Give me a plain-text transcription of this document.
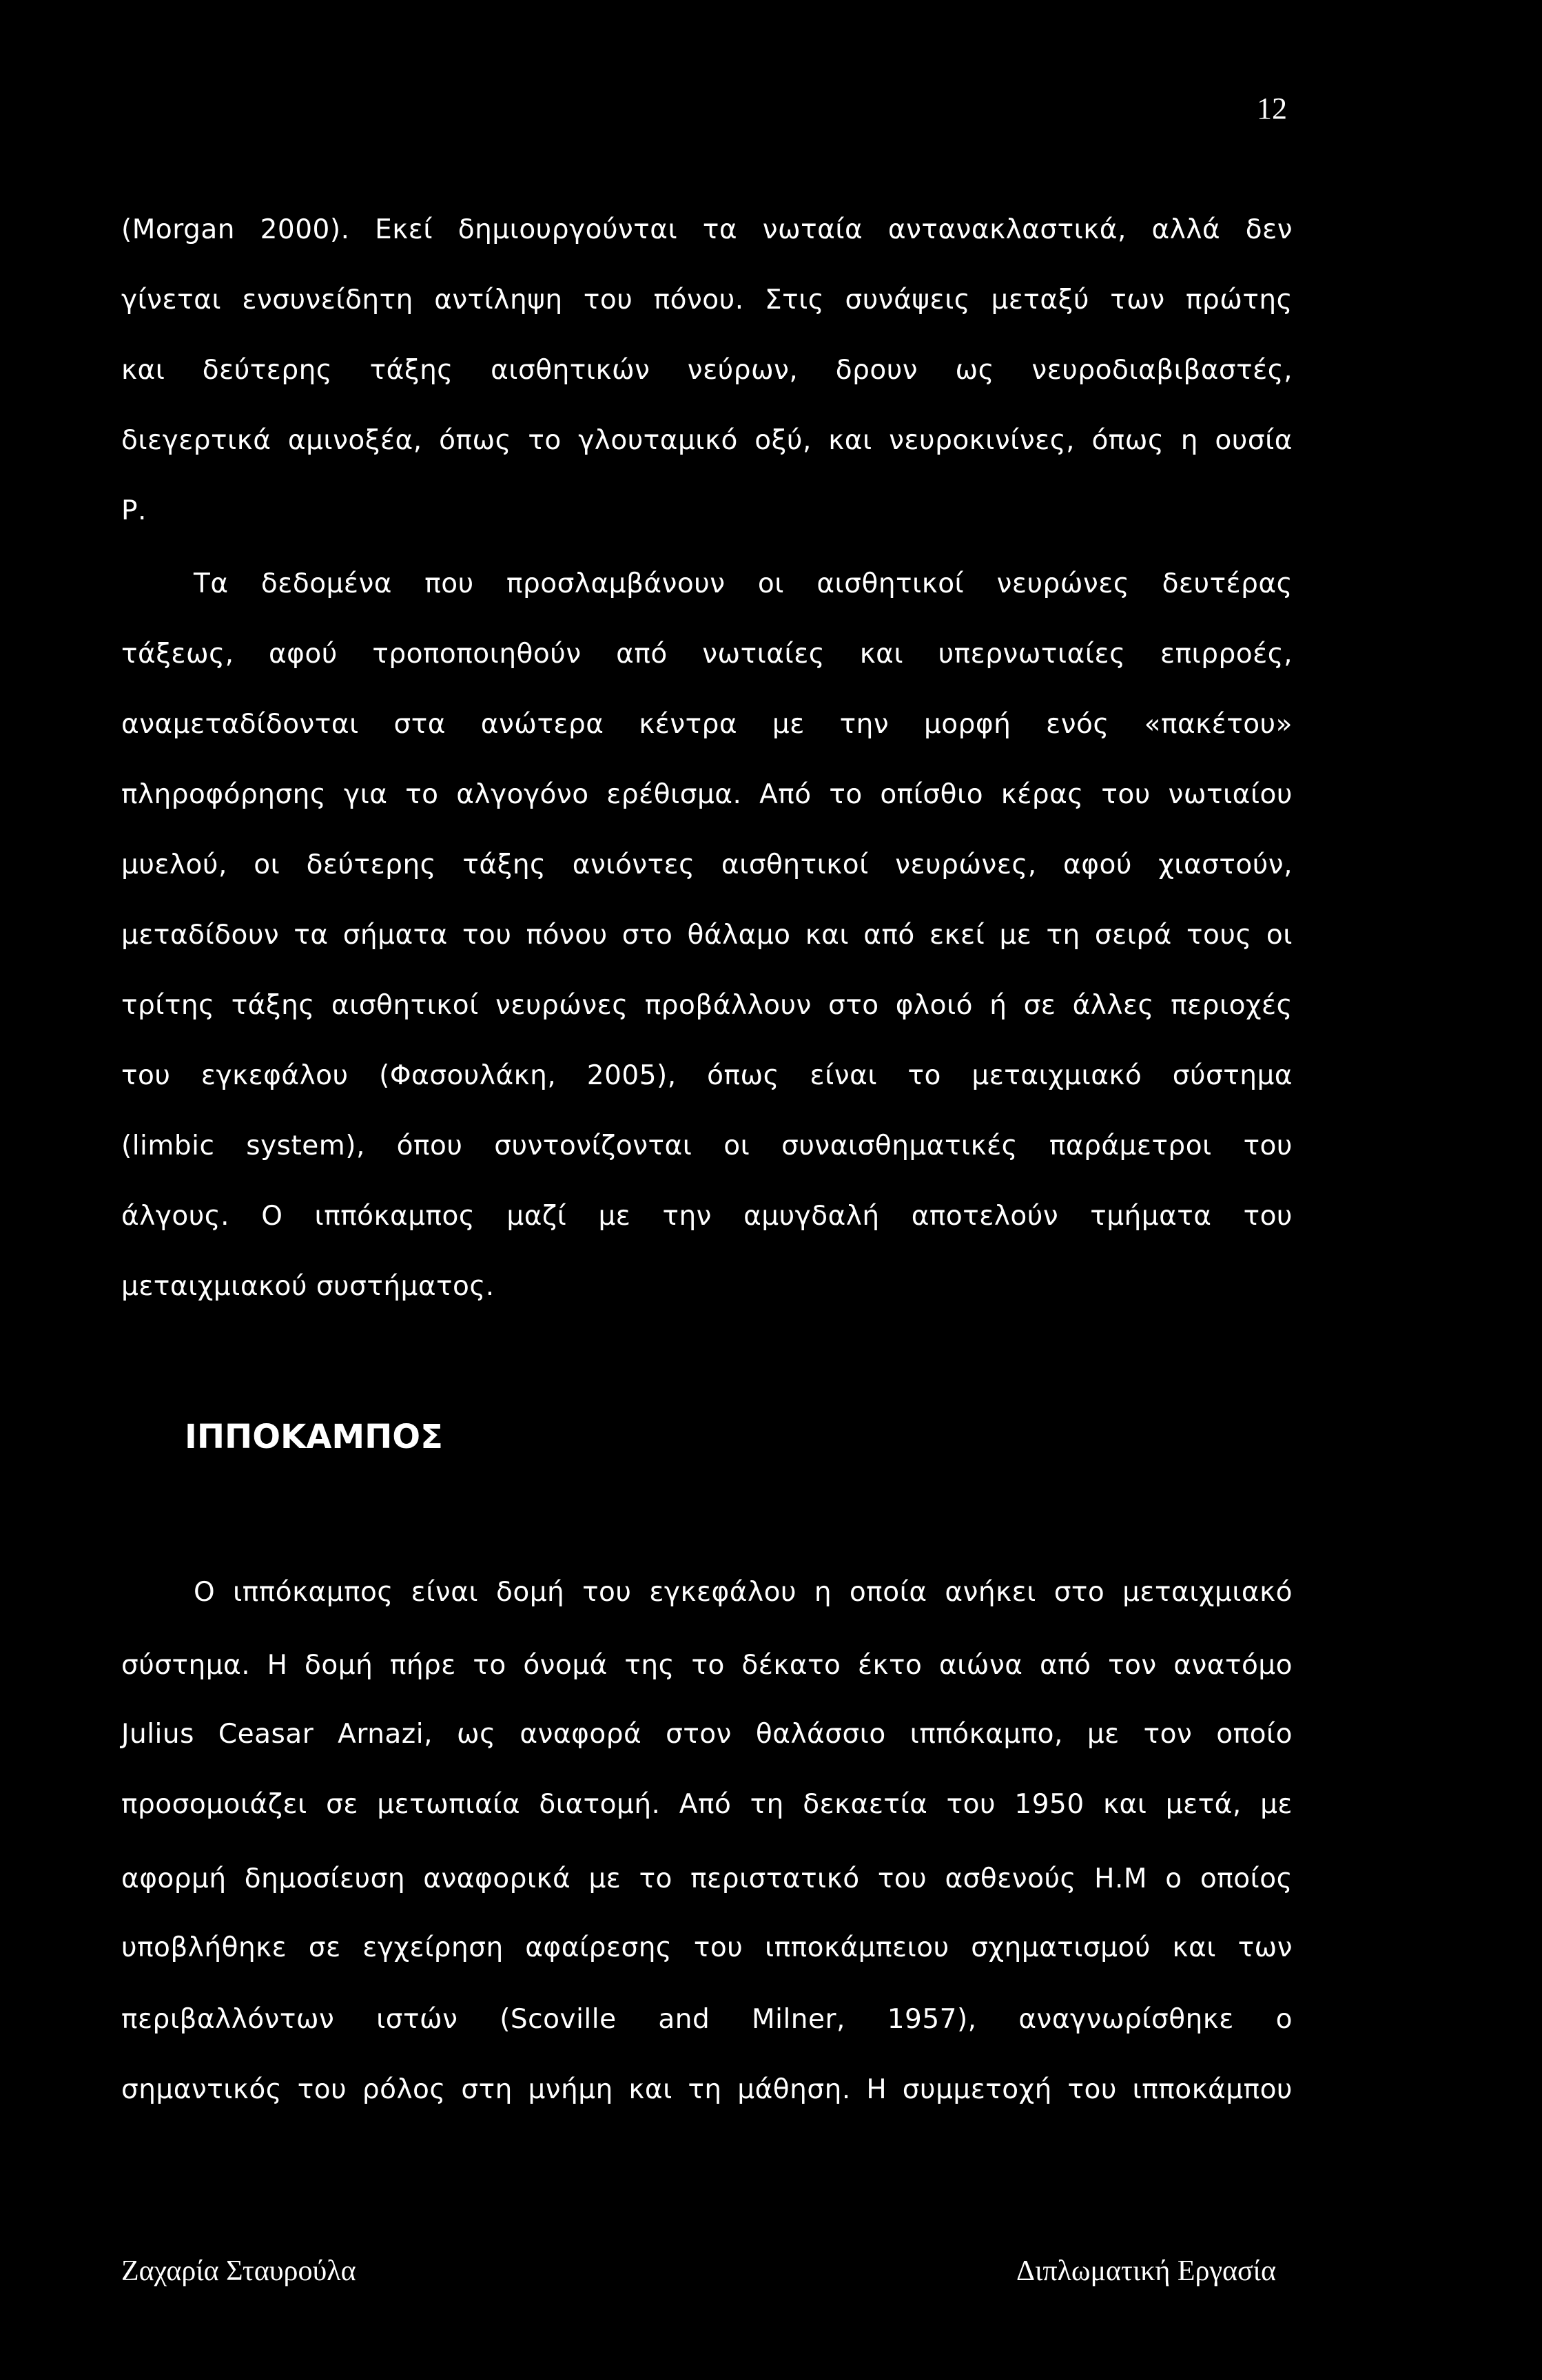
12
(Morgan 2000). Εκεί δημιουργούνται τα νωταία αντανακλαστικά, αλλά δεν
γίνεται ενσυνείδητη αντίληψη του πόνου. Στις συνάψεις μεταξύ των πρώτης
και δεύτερης τάξης αισθητικών νεύρων, δρουν ως νευροδιαβιβαστές,
διεγερτικά αμινοξέα, όπως το γλουταμικό οξύ, και νευροκινίνες, όπως η ουσία
Ρ.
Τα δεδομένα που προσλαμβάνουν οι αισθητικοί νευρώνες δευτέρας
τάξεως, αφού τροποποιηθούν από νωτιαίες και υπερνωτιαίες επιρροές,
αναμεταδίδονται στα ανώτερα κέντρα με την μορφή ενός «πακέτου»
πληροφόρησης για το αλγογόνο ερέθισμα. Από το οπίσθιο κέρας του νωτιαίου
μυελού, οι δεύτερης τάξης ανιόντες αισθητικοί νευρώνες, αφού χιαστούν,
μεταδίδουν τα σήματα του πόνου στο θάλαμο και από εκεί με τη σειρά τους οι
τρίτης τάξης αισθητικοί νευρώνες προβάλλουν στο φλοιό ή σε άλλες περιοχές
του εγκεφάλου (Φασουλάκη, 2005), όπως είναι το μεταιχμιακό σύστημα
(limbic system), όπου συντονίζονται οι συναισθηματικές παράμετροι του
άλγους. Ο ιππόκαμπος μαζί με την αμυγδαλή αποτελούν τμήματα του
μεταιχμιακού συστήματος.
Ο ιππόκαμπος είναι δομή του εγκεφάλου η οποία ανήκει στο μεταιχμιακό
σύστημα. Η δομή πήρε το όνομά της το δέκατο έκτο αιώνα από τον ανατόμο
Julius Ceasar Arnazi, ως αναφορά στον θαλάσσιο ιππόκαμπο, με τον οποίο
προσομοιάζει σε μετωπιαία διατομή. Από τη δεκαετία του 1950 και μετά, με
αφορμή δημοσίευση αναφορικά με το περιστατικό του ασθενούς Η.Μ ο οποίος
υποβλήθηκε σε εγχείρηση αφαίρεσης του ιπποκάμπειου σχηματισμού και των
περιβαλλόντων ιστών (Scoville and Milner, 1957), αναγνωρίσθηκε ο
σημαντικός του ρόλος στη μνήμη και τη μάθηση. Η συμμετοχή του ιπποκάμπου
ΙΠΠΟΚΑΜΠΟΣ
Ζαχαρία Σταυρούλα	Διπλωματική Εργασία
